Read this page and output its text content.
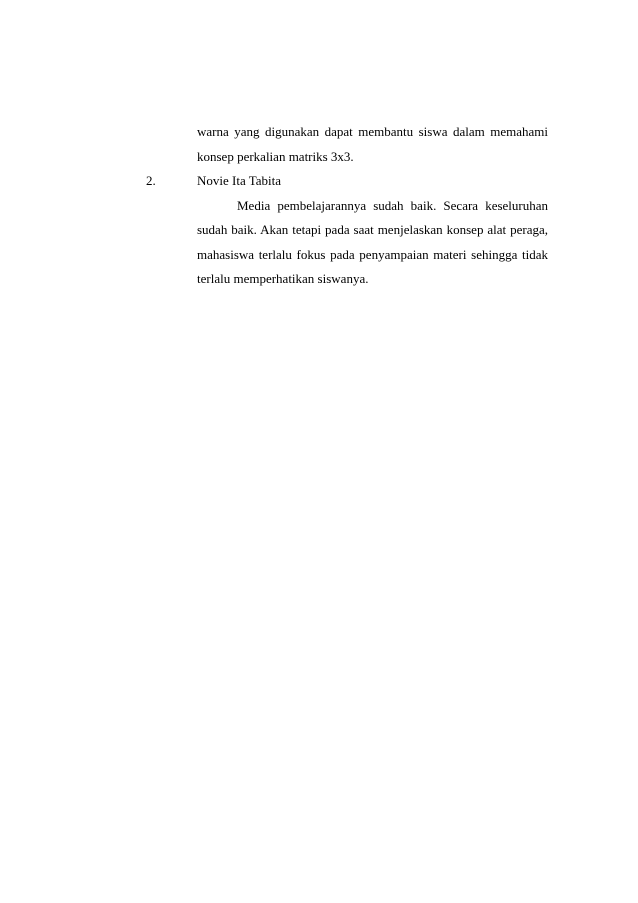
warna yang digunakan dapat membantu siswa dalam memahami
konsep perkalian matriks 3x3.
2.	Novie Ita Tabita
Media pembelajarannya sudah baik. Secara keseluruhan
sudah baik. Akan tetapi pada saat menjelaskan konsep alat peraga,
mahasiswa terlalu fokus pada penyampaian materi sehingga tidak
terlalu memperhatikan siswanya.
